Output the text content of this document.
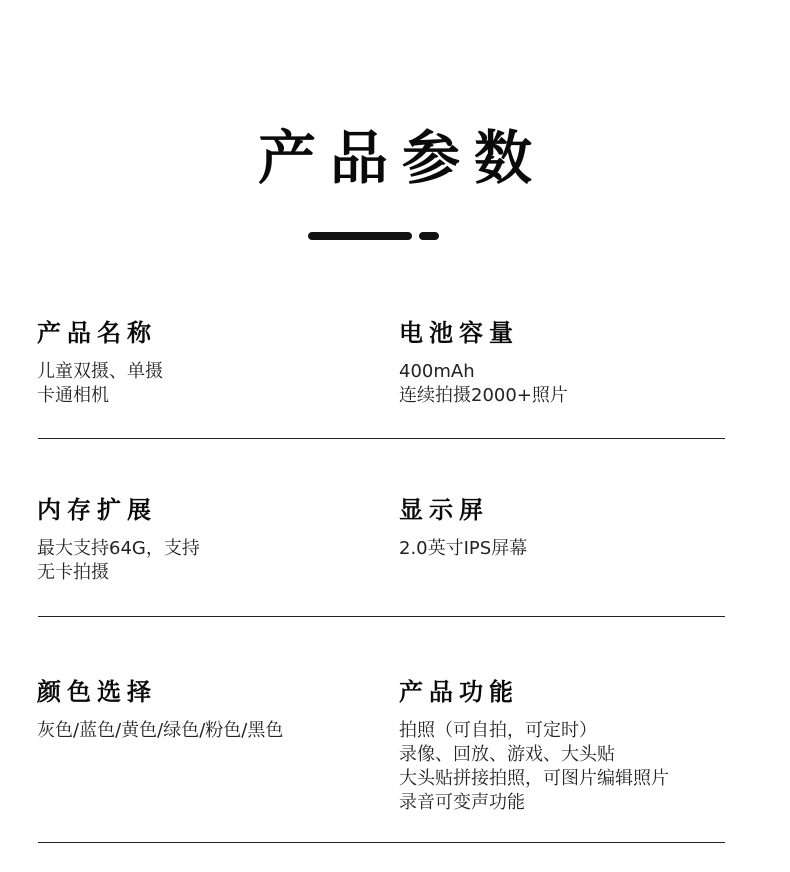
产品参数
产品名称
儿童双摄、单摄
卡通相机
电池容量
400mAh
连续拍摄2000+照片
内存扩展
最大支持64G，支持
无卡拍摄
显示屏
2.0英寸IPS屏幕
颜色选择
灰色/蓝色/黄色/绿色/粉色/黑色
产品功能
拍照（可自拍，可定时）
录像、回放、游戏、大头贴
大头贴拼接拍照，可图片编辑照片
录音可变声功能
